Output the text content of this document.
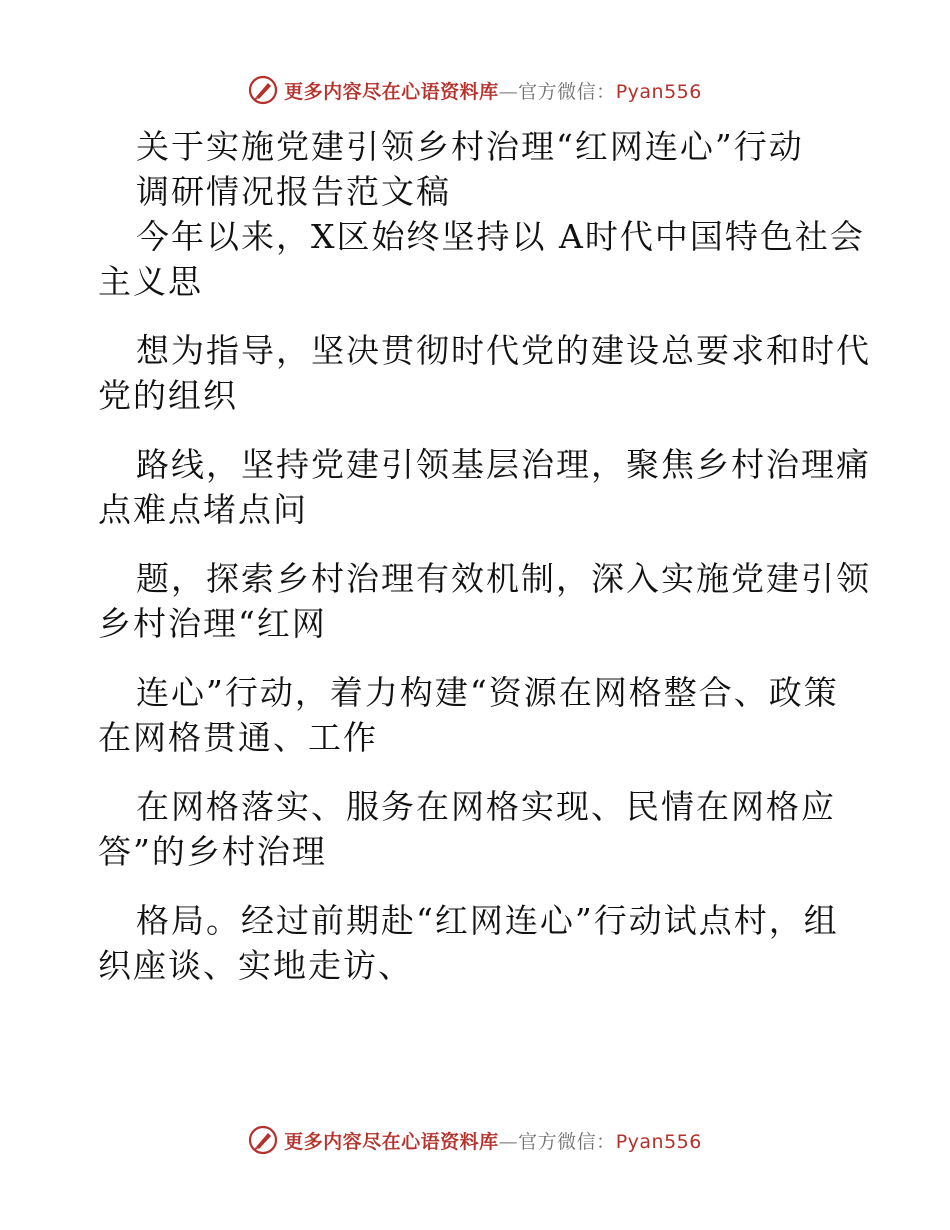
更多内容尽在心语资料库—官方微信：Pyan556
关于实施党建引领乡村治理“红网连心”行动
调研情况报告范文稿
今年以来，X区始终坚持以 A时代中国特色社会
主义思
想为指导，坚决贯彻时代党的建设总要求和时代
党的组织
路线，坚持党建引领基层治理，聚焦乡村治理痛
点难点堵点问
题，探索乡村治理有效机制，深入实施党建引领
乡村治理“红网
连心”行动，着力构建“资源在网格整合、政策
在网格贯通、工作
在网格落实、服务在网格实现、民情在网格应
答”的乡村治理
格局。经过前期赴“红网连心”行动试点村，组
织座谈、实地走访、
更多内容尽在心语资料库—官方微信：Pyan556
